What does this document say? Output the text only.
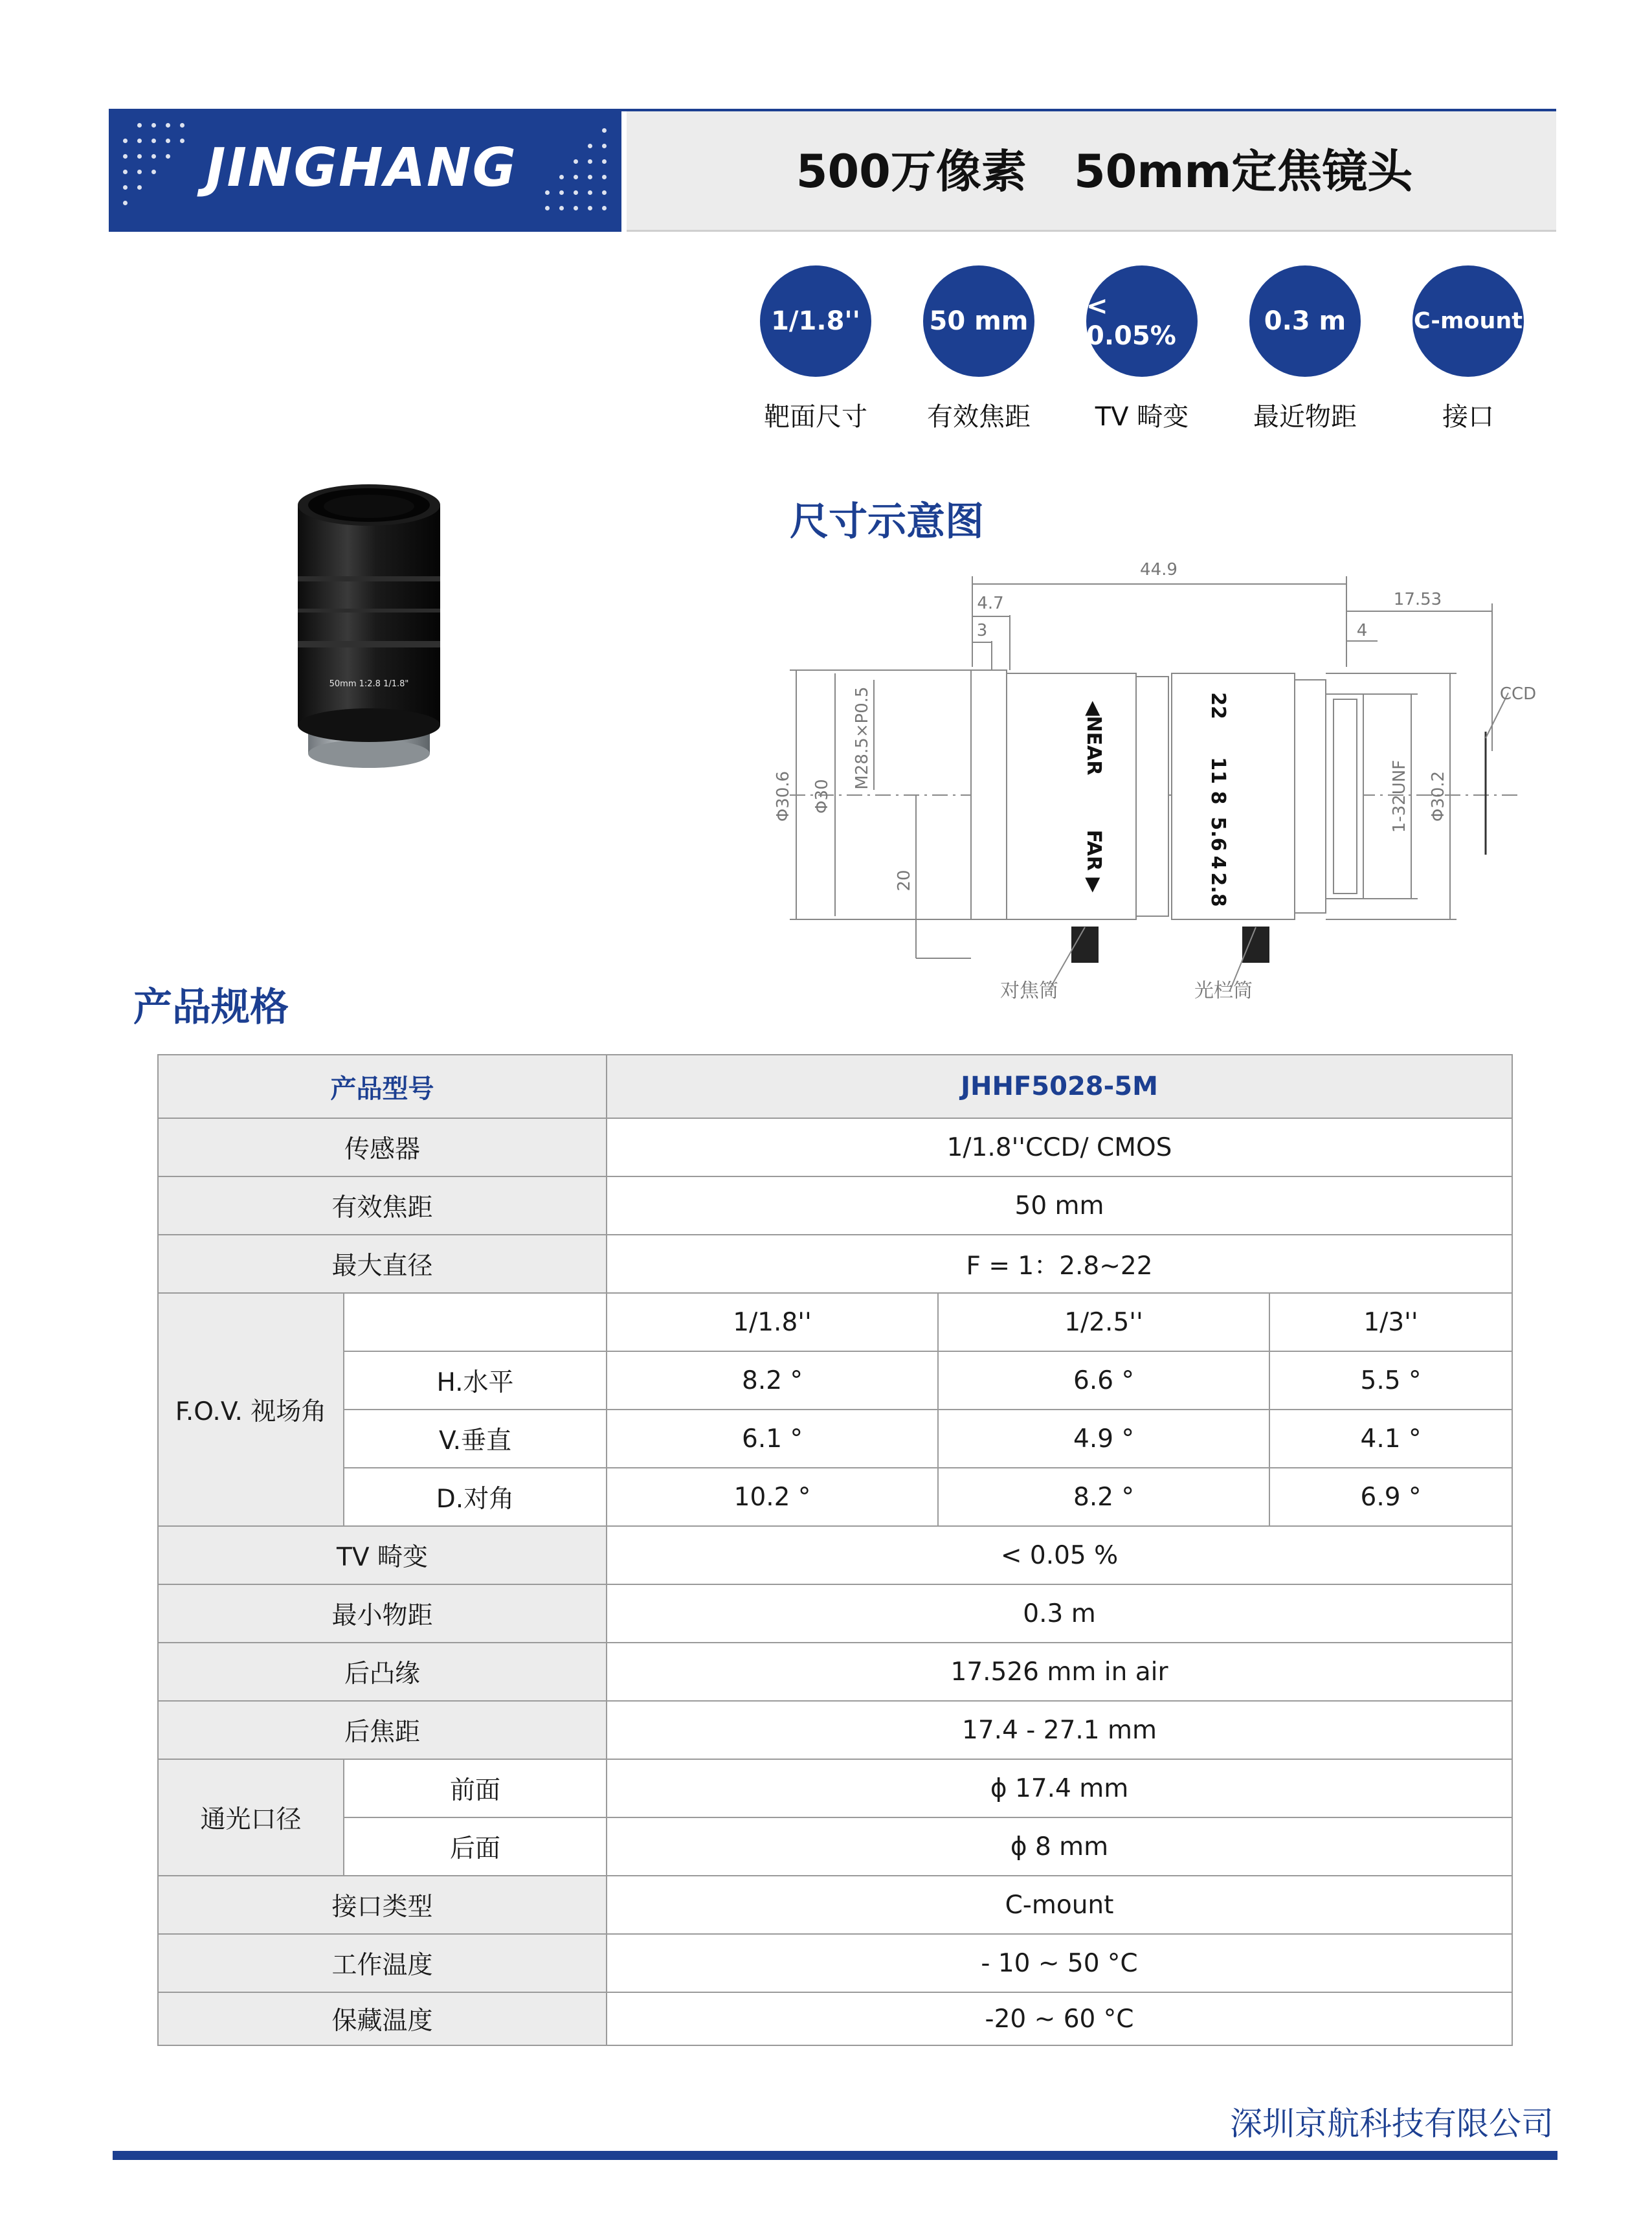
JINGHANG	500万像素   50mm定焦镜头
1/1.8''
靶面尺寸
50 mm
有效焦距
< 0.05%
TV 畸变
0.3 m
最近物距
C-mount
接口
50mm 1:2.8 1/1.8"
尺寸示意图
44.9
4.7
3
17.53
4
CCD
对焦筒	光栏筒
Φ30.6 Φ30
M28.5×P0.5
20
1-32UNF Φ30.2
◀NEAR
FAR ▶
22
11
8
5.6
4
2.8
产品规格
产品型号		JHHF5028-5M		
传感器		1/1.8''CCD/ CMOS		
有效焦距		50 mm		
最大直径		F = 1：2.8~22		
F.O.V. 视场角		1/1.8''	1/2.5''	1/3''
	H.水平	8.2 °	6.6 °	5.5 °
	V.垂直	6.1 °	4.9 °	4.1 °
	D.对角	10.2 °	8.2 °	6.9 °
TV 畸变		< 0.05 %		
最小物距		0.3 m		
后凸缘		17.526 mm in air		
后焦距		17.4 - 27.1 mm		
通光口径	前面	ϕ 17.4 mm		
	后面	ϕ 8 mm		
接口类型		C-mount		
工作温度		- 10 ~ 50 °C		
保藏温度		-20 ~ 60 °C		
深圳京航科技有限公司
